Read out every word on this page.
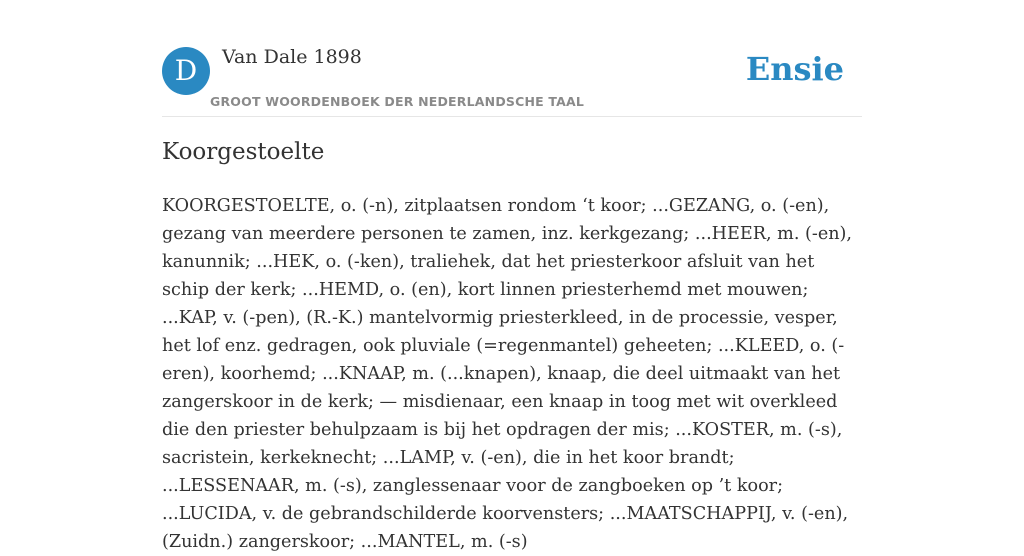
D	Van Dale 1898
GROOT WOORDENBOEK DER NEDERLANDSCHE TAAL
Ensie
Koorgestoelte

KOORGESTOELTE, o. (-n), zitplaatsen rondom ‘t koor; ...GEZANG, o. (-en), gezang van meerdere personen te zamen, inz. kerkgezang; ...HEER, m. (-en), kanunnik; ...HEK, o. (-ken), traliehek, dat het priesterkoor afsluit van het schip der kerk; ...HEMD, o. (en), kort linnen priesterhemd met mouwen; ...KAP, v. (-pen), (R.-K.) mantelvormig priesterkleed, in de processie, vesper, het lof enz. gedragen, ook pluviale (=regenmantel) geheeten; ...KLEED, o. (-eren), koorhemd; ...KNAAP, m. (...knapen), knaap, die deel uitmaakt van het zangerskoor in de kerk; — misdienaar, een knaap in toog met wit overkleed die den priester behulpzaam is bij het opdragen der mis; ...KOSTER, m. (-s), sacristein, kerkeknecht; ...LAMP, v. (-en), die in het koor brandt; ...LESSENAAR, m. (-s), zanglessenaar voor de zangboeken op ’t koor; ...LUCIDA, v. de gebrandschilderde koorvensters; ...MAATSCHAPPIJ, v. (-en), (Zuidn.) zangerskoor; ...MANTEL, m. (-s)
